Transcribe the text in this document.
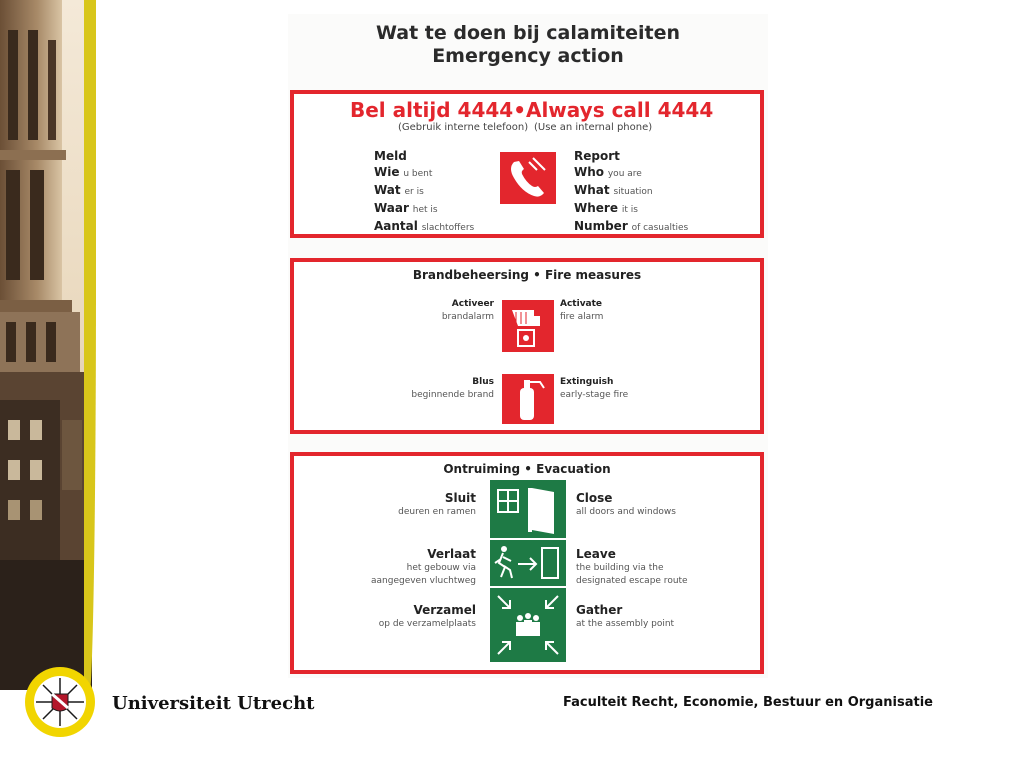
Wat te doen bij calamiteiten
Emergency action
Bel altijd 4444•Always call 4444
(Gebruik interne telefoon) (Use an internal phone)
Meld
Wie u bent
Wat er is
Waar het is
Aantal slachtoffers
Report
Who you are
What situation
Where it is
Number of casualties
Brandbeheersing • Fire measures
Activeer
brandalarm
Activate
fire alarm
Blus
beginnende brand
Extinguish
early-stage fire
Ontruiming • Evacuation
Sluit
deuren en ramen
Close
all doors and windows
Verlaat
het gebouw via
aangegeven vluchtweg
Leave
the building via the
designated escape route
Verzamel
op de verzamelplaats
Gather
at the assembly point
Universiteit Utrecht	Faculteit Recht, Economie, Bestuur en Organisatie
